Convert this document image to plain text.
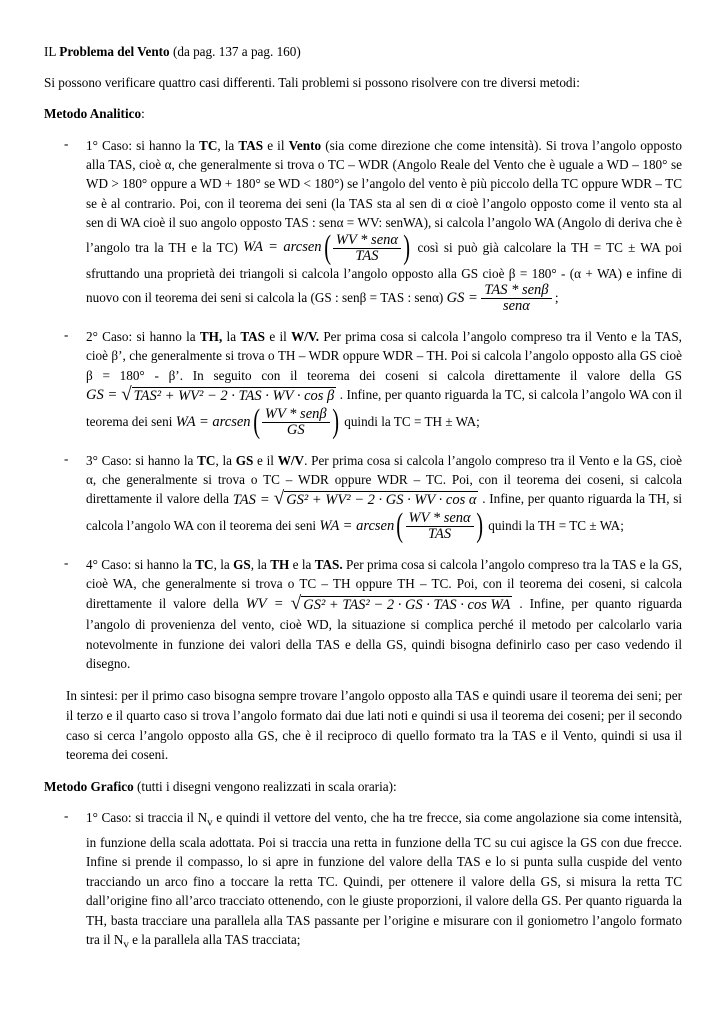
IL Problema del Vento (da pag. 137 a pag. 160)

Si possono verificare quattro casi differenti. Tali problemi si possono risolvere con tre diversi metodi:

Metodo Analitico:

- 1° Caso: si hanno la TC, la TAS e il Vento (sia come direzione che come intensità). Si trova l’angolo opposto alla TAS, cioè α, che generalmente si trova o TC – WDR (Angolo Reale del Vento che è uguale a WD – 180° se WD > 180° oppure a WD + 180° se WD < 180°) se l’angolo del vento è più piccolo della TC oppure WDR – TC se è al contrario. Poi, con il teorema dei seni (la TAS sta al sen di α cioè l’angolo opposto come il vento sta al sen di WA cioè il suo angolo opposto TAS : senα = WV: senWA), si calcola l’angolo WA (Angolo di deriva che è l’angolo tra la TH e la TC) WA = arcsen( $\frac{\text{WV * senα}}{\text{TAS}}$ ) così si può già calcolare la TH = TC ± WA poi sfruttando una proprietà dei triangoli si calcola l’angolo opposto alla GS cioè β = 180° - (α + WA) e infine di nuovo con il teorema dei seni si calcola la (GS : senβ = TAS : senα) GS = $\frac{\text{TAS * senβ}}{\text{senα}}$ ;

- 2° Caso: si hanno la TH, la TAS e il W/V. Per prima cosa si calcola l’angolo compreso tra il Vento e la TAS, cioè β’, che generalmente si trova o TH – WDR oppure WDR – TH. Poi si calcola l’angolo opposto alla GS cioè β = 180° - β’. In seguito con il teorema dei coseni si calcola direttamente il valore della GS GS = √ TAS² + WV² − 2 · TAS · WV · cos β . Infine, per quanto riguarda la TC, si calcola l’angolo WA con il teorema dei seni WA = arcsen( $\frac{\text{WV * senβ}}{GS}$ ) quindi la TC = TH ± WA;

- 3° Caso: si hanno la TC, la GS e il W/V. Per prima cosa si calcola l’angolo compreso tra il Vento e la GS, cioè α, che generalmente si trova o TC – WDR oppure WDR – TC. Poi, con il teorema dei coseni, si calcola direttamente il valore della TAS = √ GS² + WV² − 2 · GS · WV · cos α . Infine, per quanto riguarda la TH, si calcola l’angolo WA con il teorema dei seni WA = arcsen( $\frac{\text{WV * senα}}{\text{TAS}}$ ) quindi la TH = TC ± WA;

- 4° Caso: si hanno la TC, la GS, la TH e la TAS. Per prima cosa si calcola l’angolo compreso tra la TAS e la GS, cioè WA, che generalmente si trova o TC – TH oppure TH – TC. Poi, con il teorema dei coseni, si calcola direttamente il valore della WV = √ GS² + TAS² − 2 · GS · TAS · cos WA . Infine, per quanto riguarda l’angolo di provenienza del vento, cioè WD, la situazione si complica perché il metodo per calcolarlo varia notevolmente in funzione dei valori della TAS e della GS, quindi bisogna definirlo caso per caso vedendo il disegno.

In sintesi: per il primo caso bisogna sempre trovare l’angolo opposto alla TAS e quindi usare il teorema dei seni; per il terzo e il quarto caso si trova l’angolo formato dai due lati noti e quindi si usa il teorema dei coseni; per il secondo caso si cerca l’angolo opposto alla GS, che è il reciproco di quello formato tra la TAS e il Vento, quindi si usa il teorema dei coseni.

Metodo Grafico (tutti i disegni vengono realizzati in scala oraria):

- 1° Caso: si traccia il $N_v$ e quindi il vettore del vento, che ha tre frecce, sia come angolazione sia come intensità, in funzione della scala adottata. Poi si traccia una retta in funzione della TC su cui agisce la GS con due frecce. Infine si prende il compasso, lo si apre in funzione del valore della TAS e lo si punta sulla cuspide del vento tracciando un arco fino a toccare la retta TC. Quindi, per ottenere il valore della GS, si misura la retta TC dall’origine fino all’arco tracciato ottenendo, con le giuste proporzioni, il valore della GS. Per quanto riguarda la TH, basta tracciare una parallela alla TAS passante per l’origine e misurare con il goniometro l’angolo formato tra il $N_v$ e la parallela alla TAS tracciata;
